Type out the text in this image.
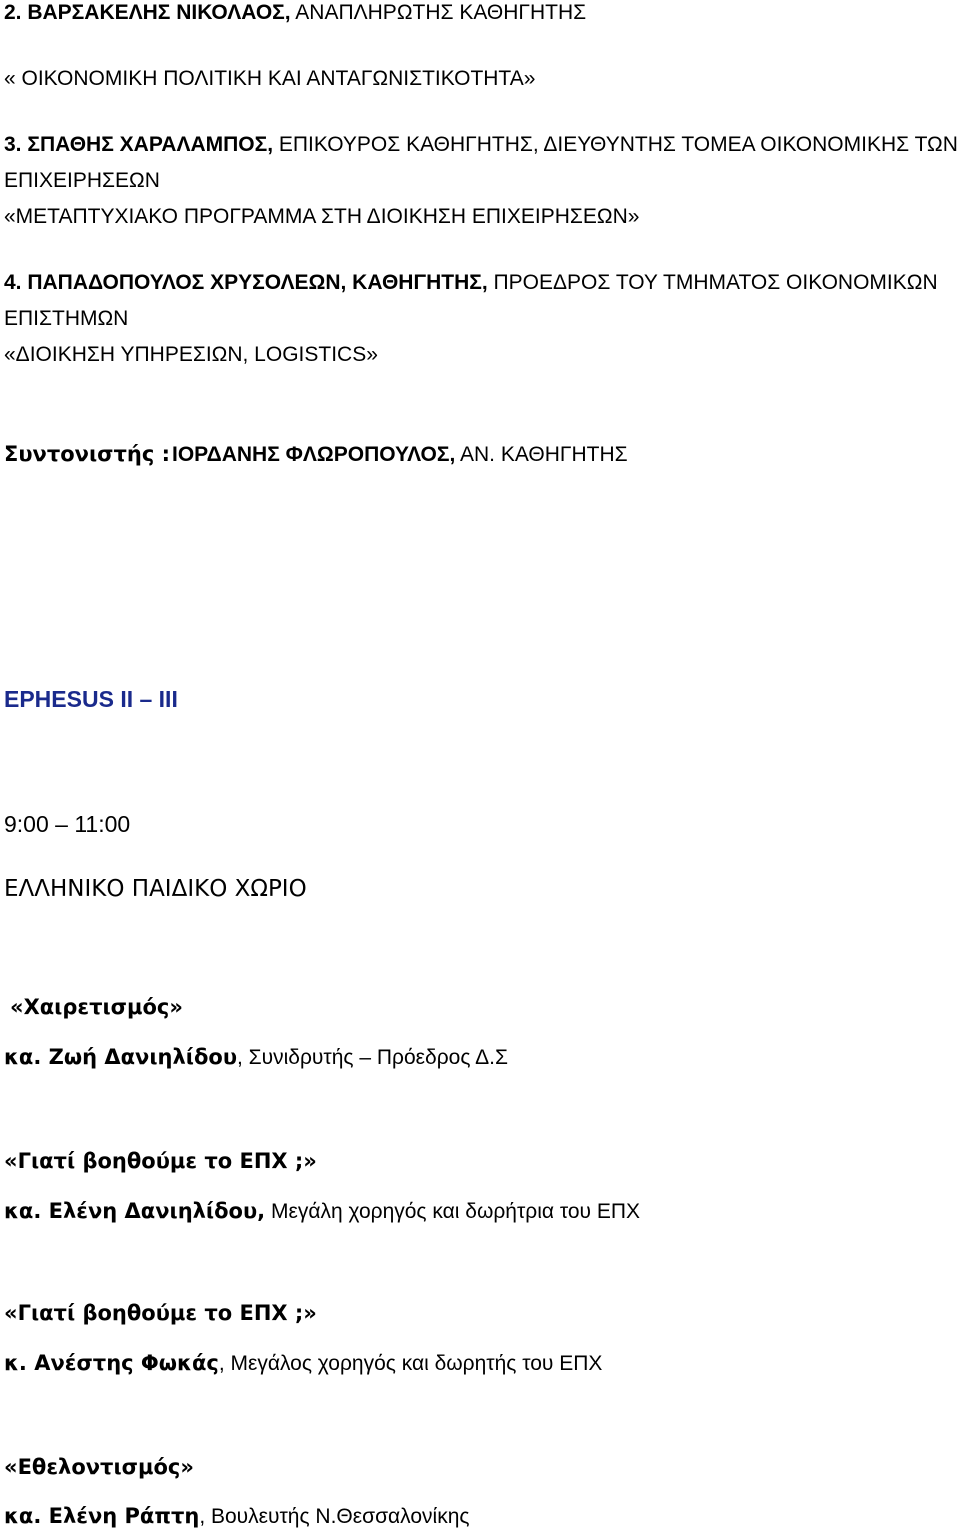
2. ΒΑΡΣΑΚΕΛΗΣ ΝΙΚΟΛΑΟΣ, ΑΝΑΠΛΗΡΩΤΗΣ ΚΑΘΗΓΗΤΗΣ
« ΟΙΚΟΝΟΜΙΚΗ ΠΟΛΙΤΙΚΗ ΚΑΙ ΑΝΤΑΓΩΝΙΣΤΙΚΟΤΗΤΑ»
3. ΣΠΑΘΗΣ ΧΑΡΑΛΑΜΠΟΣ, ΕΠΙΚΟΥΡΟΣ ΚΑΘΗΓΗΤΗΣ, ΔΙΕΥΘΥΝΤΗΣ ΤΟΜΕΑ ΟΙΚΟΝΟΜΙΚΗΣ ΤΩΝ
ΕΠΙΧΕΙΡΗΣΕΩΝ
«ΜΕΤΑΠΤΥΧΙΑΚΟ ΠΡΟΓΡΑΜΜΑ ΣΤΗ ΔΙΟΙΚΗΣΗ ΕΠΙΧΕΙΡΗΣΕΩΝ»
4. ΠΑΠΑΔΟΠΟΥΛΟΣ ΧΡΥΣΟΛΕΩΝ, ΚΑΘΗΓΗΤΗΣ, ΠΡΟΕΔΡΟΣ ΤΟΥ ΤΜΗΜΑΤΟΣ ΟΙΚΟΝΟΜΙΚΩΝ
ΕΠΙΣΤΗΜΩΝ
«ΔΙΟΙΚΗΣΗ ΥΠΗΡΕΣΙΩΝ, LOGISTICS»
Συντονιστής :ΙΟΡΔΑΝΗΣ ΦΛΩΡΟΠΟΥΛΟΣ, ΑΝ. ΚΑΘΗΓΗΤΗΣ
EPHESUS II – III
9:00 – 11:00
ΕΛΛΗΝΙΚΟ ΠΑΙΔΙΚΟ ΧΩΡΙΟ
«Χαιρετισμός»
κα. Ζωή Δανιηλίδου, Συνιδρυτής – Πρόεδρος Δ.Σ
«Γιατί βοηθούμε το ΕΠΧ ;»
κα. Ελένη Δανιηλίδου, Μεγάλη χορηγός και δωρήτρια του ΕΠΧ
«Γιατί βοηθούμε το ΕΠΧ ;»
κ. Ανέστης Φωκάς, Μεγάλος χορηγός και δωρητής του ΕΠΧ
«Εθελοντισμός»
κα. Ελένη Ράπτη, Βουλευτής Ν.Θεσσαλονίκης
